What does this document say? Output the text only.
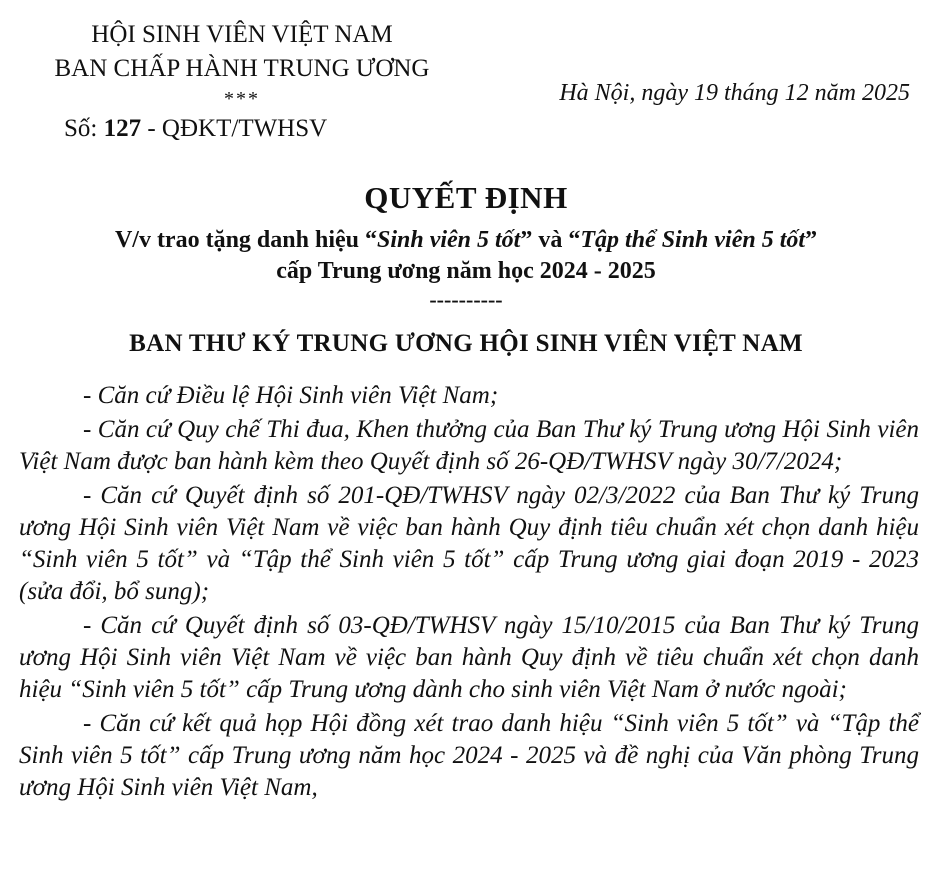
HỘI SINH VIÊN VIỆT NAM
BAN CHẤP HÀNH TRUNG ƯƠNG
***
Số: 127 - QĐKT/TWHSV
Hà Nội, ngày 19 tháng 12 năm 2025
QUYẾT ĐỊNH
V/v trao tặng danh hiệu “Sinh viên 5 tốt” và “Tập thể Sinh viên 5 tốt”
cấp Trung ương năm học 2024 - 2025
----------
BAN THƯ KÝ TRUNG ƯƠNG HỘI SINH VIÊN VIỆT NAM

- Căn cứ Điều lệ Hội Sinh viên Việt Nam;

- Căn cứ Quy chế Thi đua, Khen thưởng của Ban Thư ký Trung ương Hội Sinh viên Việt Nam được ban hành kèm theo Quyết định số 26-QĐ/TWHSV ngày 30/7/2024;

- Căn cứ Quyết định số 201-QĐ/TWHSV ngày 02/3/2022 của Ban Thư ký Trung ương Hội Sinh viên Việt Nam về việc ban hành Quy định tiêu chuẩn xét chọn danh hiệu “Sinh viên 5 tốt” và “Tập thể Sinh viên 5 tốt” cấp Trung ương giai đoạn 2019 - 2023 (sửa đổi, bổ sung);

- Căn cứ Quyết định số 03-QĐ/TWHSV ngày 15/10/2015 của Ban Thư ký Trung ương Hội Sinh viên Việt Nam về việc ban hành Quy định về tiêu chuẩn xét chọn danh hiệu “Sinh viên 5 tốt” cấp Trung ương dành cho sinh viên Việt Nam ở nước ngoài;

- Căn cứ kết quả họp Hội đồng xét trao danh hiệu “Sinh viên 5 tốt” và “Tập thể Sinh viên 5 tốt” cấp Trung ương năm học 2024 - 2025 và đề nghị của Văn phòng Trung ương Hội Sinh viên Việt Nam,
